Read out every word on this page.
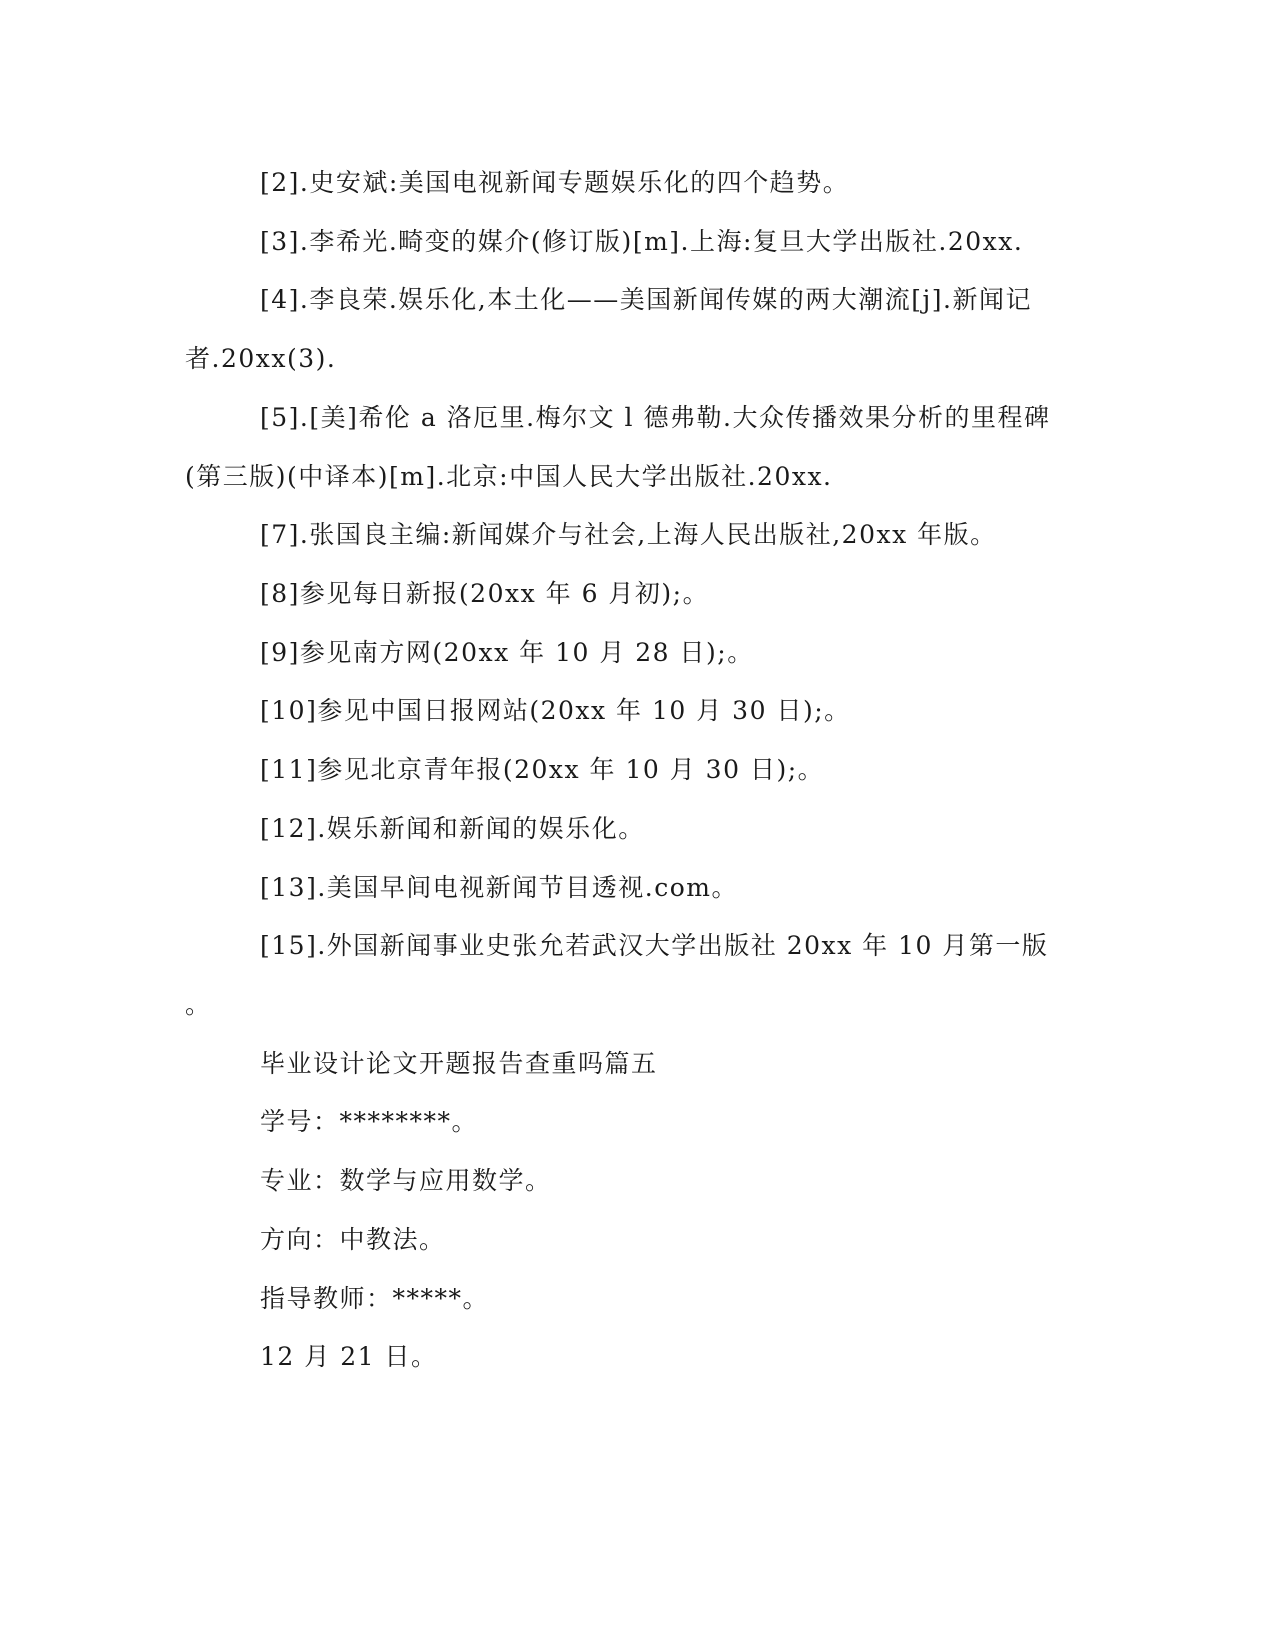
[2].史安斌:美国电视新闻专题娱乐化的四个趋势。
[3].李希光.畸变的媒介(修订版)[m].上海:复旦大学出版社.20xx.
[4].李良荣.娱乐化,本土化——美国新闻传媒的两大潮流[j].新闻记
者.20xx(3).
[5].[美]希伦 a 洛厄里.梅尔文 l 德弗勒.大众传播效果分析的里程碑
(第三版)(中译本)[m].北京:中国人民大学出版社.20xx.
[7].张国良主编:新闻媒介与社会,上海人民出版社,20xx 年版。
[8]参见每日新报(20xx 年 6 月初);。
[9]参见南方网(20xx 年 10 月 28 日);。
[10]参见中国日报网站(20xx 年 10 月 30 日);。
[11]参见北京青年报(20xx 年 10 月 30 日);。
[12].娱乐新闻和新闻的娱乐化。
[13].美国早间电视新闻节目透视.com。
[15].外国新闻事业史张允若武汉大学出版社 20xx 年 10 月第一版
。
毕业设计论文开题报告查重吗篇五
学号：********。
专业：数学与应用数学。
方向：中教法。
指导教师：*****。
12 月 21 日。
